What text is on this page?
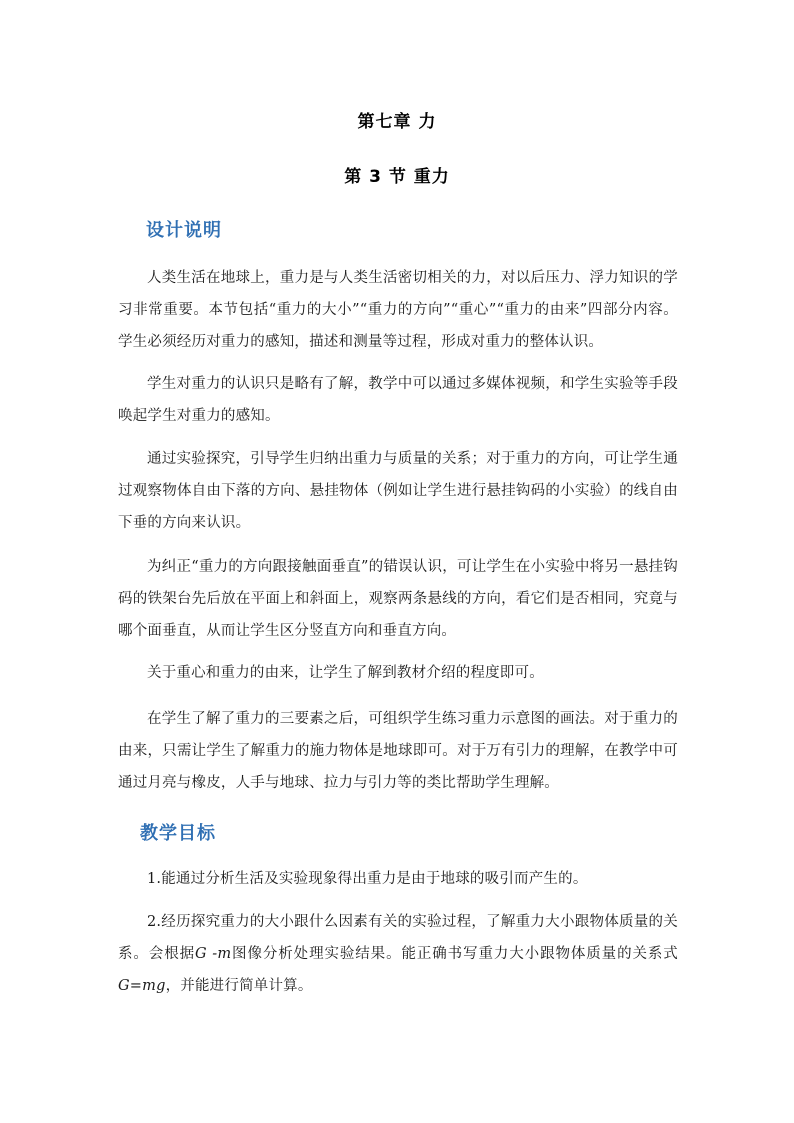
第七章 力
第 3 节 重力
设计说明

人类生活在地球上，重力是与人类生活密切相关的力，对以后压力、浮力知识的学习非常重要。本节包括“重力的大小”“重力的方向”“重心”“重力的由来”四部分内容。学生必须经历对重力的感知，描述和测量等过程，形成对重力的整体认识。

学生对重力的认识只是略有了解，教学中可以通过多媒体视频，和学生实验等手段唤起学生对重力的感知。

通过实验探究，引导学生归纳出重力与质量的关系；对于重力的方向，可让学生通过观察物体自由下落的方向、悬挂物体（例如让学生进行悬挂钩码的小实验）的线自由下垂的方向来认识。

为纠正“重力的方向跟接触面垂直”的错误认识，可让学生在小实验中将另一悬挂钩码的铁架台先后放在平面上和斜面上，观察两条悬线的方向，看它们是否相同，究竟与哪个面垂直，从而让学生区分竖直方向和垂直方向。

关于重心和重力的由来，让学生了解到教材介绍的程度即可。

在学生了解了重力的三要素之后，可组织学生练习重力示意图的画法。对于重力的由来，只需让学生了解重力的施力物体是地球即可。对于万有引力的理解，在教学中可通过月亮与橡皮，人手与地球、拉力与引力等的类比帮助学生理解。

教学目标

1.能通过分析生活及实验现象得出重力是由于地球的吸引而产生的。

2.经历探究重力的大小跟什么因素有关的实验过程，了解重力大小跟物体质量的关系。会根据G -m图像分析处理实验结果。能正确书写重力大小跟物体质量的关系式G=mg，并能进行简单计算。
